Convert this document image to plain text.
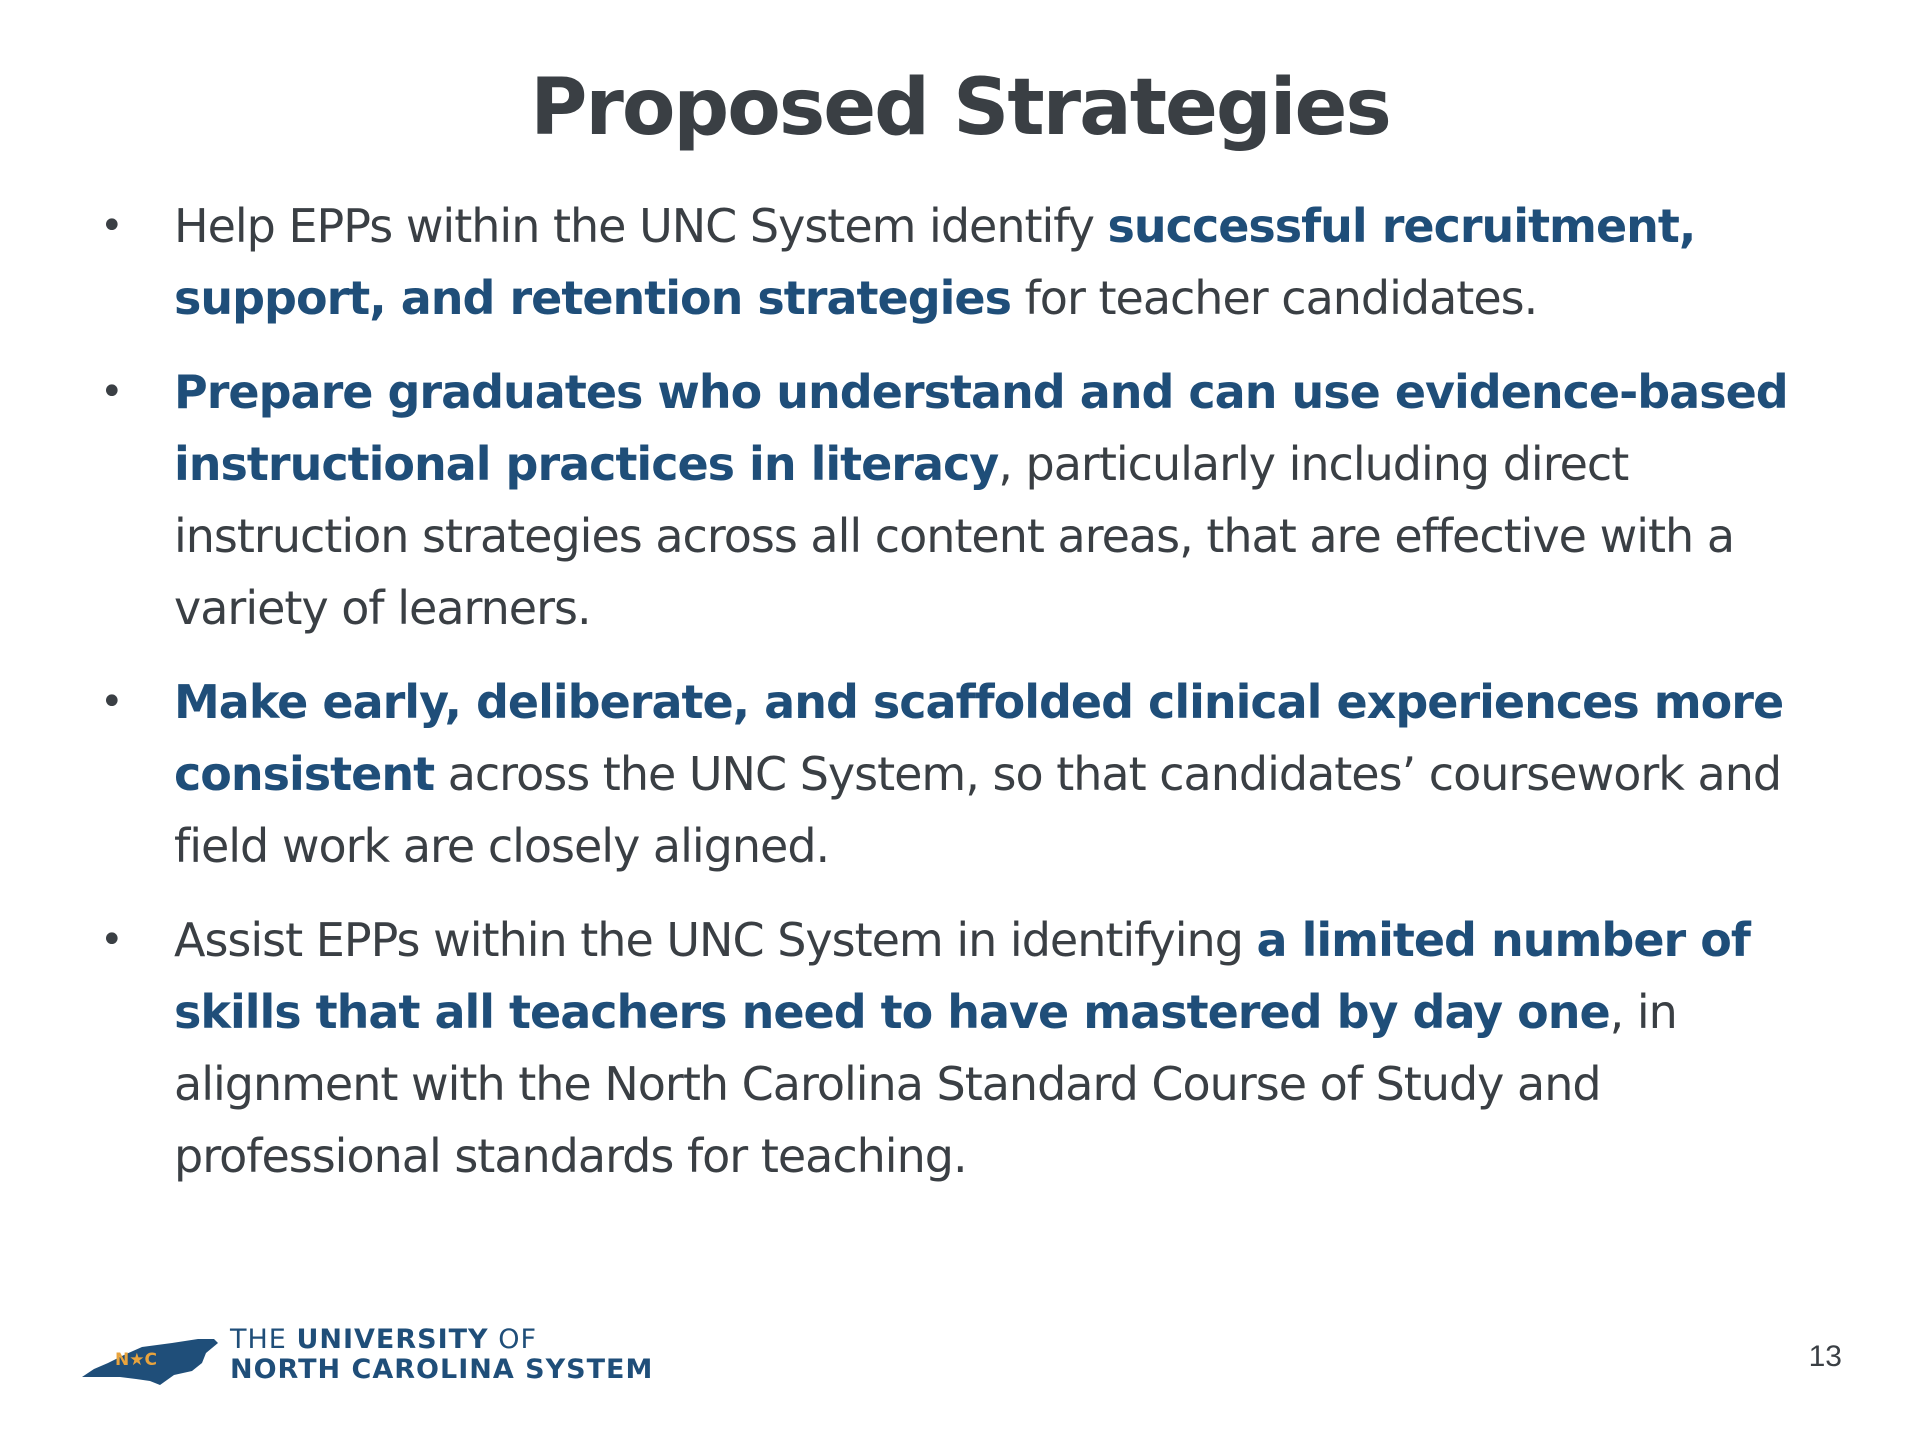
Proposed Strategies
• Help EPPs within the UNC System identify successful recruitment, support, and retention strategies for teacher candidates.
• Prepare graduates who understand and can use evidence-based instructional practices in literacy, particularly including direct instruction strategies across all content areas, that are effective with a variety of learners.
• Make early, deliberate, and scaffolded clinical experiences more consistent across the UNC System, so that candidates’ coursework and field work are closely aligned.
• Assist EPPs within the UNC System in identifying a limited number of skills that all teachers need to have mastered by day one, in alignment with the North Carolina Standard Course of Study and professional standards for teaching.
N★C
THE UNIVERSITY OF
NORTH CAROLINA SYSTEM	13
